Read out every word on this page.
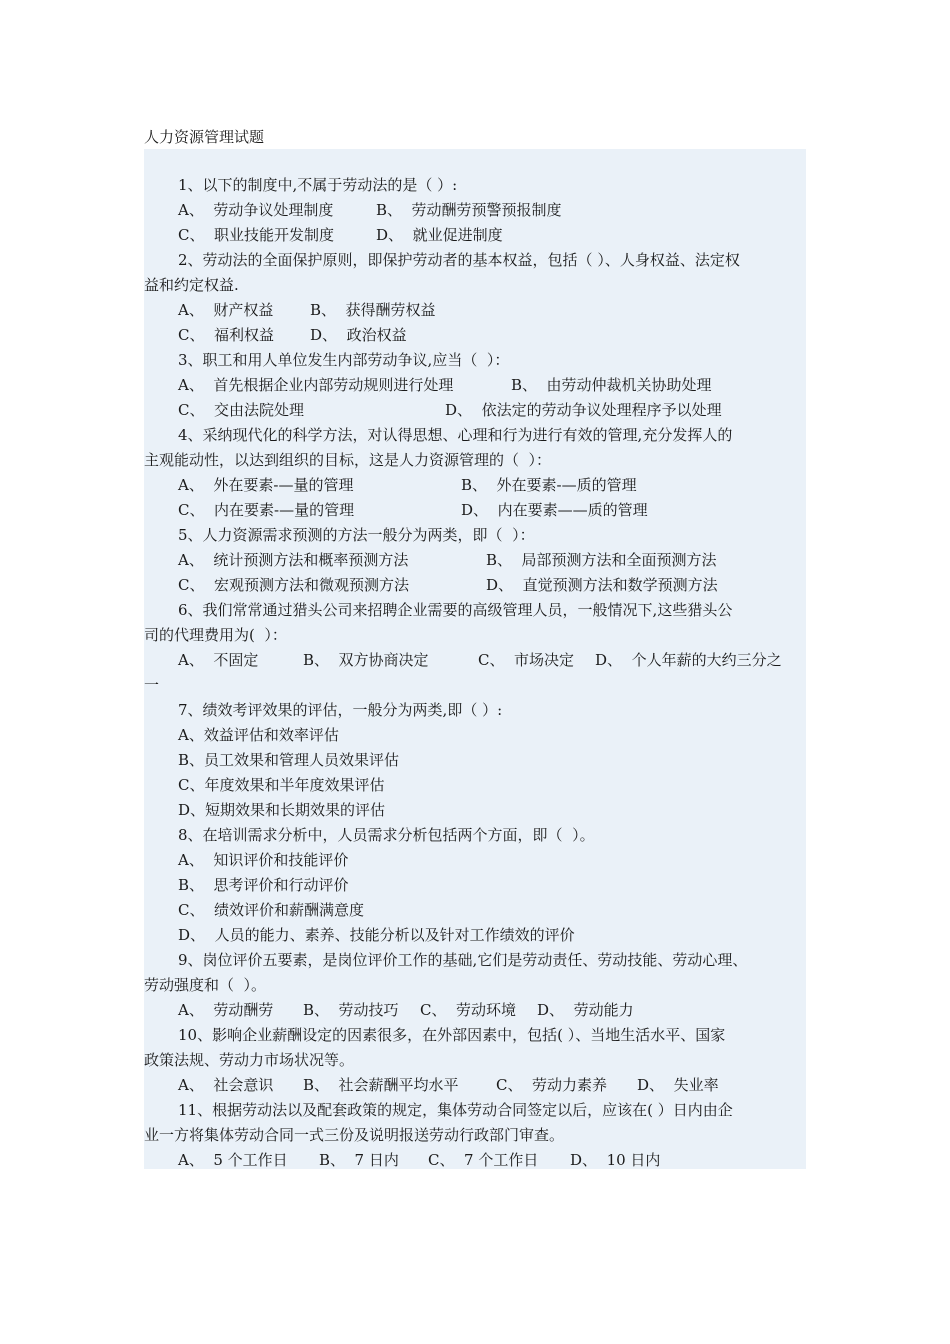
人力资源管理试题
1、以下的制度中,不属于劳动法的是（ ）:
A、  劳动争议处理制度	B、  劳动酬劳预警预报制度
C、  职业技能开发制度	D、  就业促进制度
2、劳动法的全面保护原则，即保护劳动者的基本权益，包括（ ）、人身权益、法定权
益和约定权益.
A、  财产权益 B、  获得酬劳权益
C、  福利权益 D、  政治权益
3、职工和用人单位发生内部劳动争议,应当（  ）：
A、  首先根据企业内部劳动规则进行处理	B、  由劳动仲裁机关协助处理
C、  交由法院处理	D、  依法定的劳动争议处理程序予以处理
4、采纳现代化的科学方法，对认得思想、心理和行为进行有效的管理,充分发挥人的
主观能动性，以达到组织的目标，这是人力资源管理的（  ）：
A、  外在要素-—量的管理	B、  外在要素-—质的管理
C、  内在要素-—量的管理	D、  内在要素——质的管理
5、人力资源需求预测的方法一般分为两类，即（  ）：
A、  统计预测方法和概率预测方法	B、  局部预测方法和全面预测方法
C、  宏观预测方法和微观预测方法	D、  直觉预测方法和数学预测方法
6、我们常常通过猎头公司来招聘企业需要的高级管理人员，一般情况下,这些猎头公
司的代理费用为(  ）：
A、  不固定	B、  双方协商决定	C、  市场决定 D、  个人年薪的大约三分之
一
7、绩效考评效果的评估，一般分为两类,即（ ）:
A、效益评估和效率评估
B、员工效果和管理人员效果评估
C、年度效果和半年度效果评估
D、短期效果和长期效果的评估
8、在培训需求分析中，人员需求分析包括两个方面，即（  ）。
A、  知识评价和技能评价
B、  思考评价和行动评价
C、  绩效评价和薪酬满意度
D、  人员的能力、素养、技能分析以及针对工作绩效的评价
9、岗位评价五要素，是岗位评价工作的基础,它们是劳动责任、劳动技能、劳动心理、
劳动强度和（  ）。
A、  劳动酬劳 B、  劳动技巧 C、  劳动环境 D、  劳动能力
10、影响企业薪酬设定的因素很多，在外部因素中，包括( ）、当地生活水平、国家
政策法规、劳动力市场状况等。
A、  社会意识 B、  社会薪酬平均水平 C、  劳动力素养 D、  失业率
11、根据劳动法以及配套政策的规定，集体劳动合同签定以后，应该在( ）日内由企
业一方将集体劳动合同一式三份及说明报送劳动行政部门审查。
A、  5 个工作日 B、  7 日内 C、  7 个工作日 D、  10 日内
